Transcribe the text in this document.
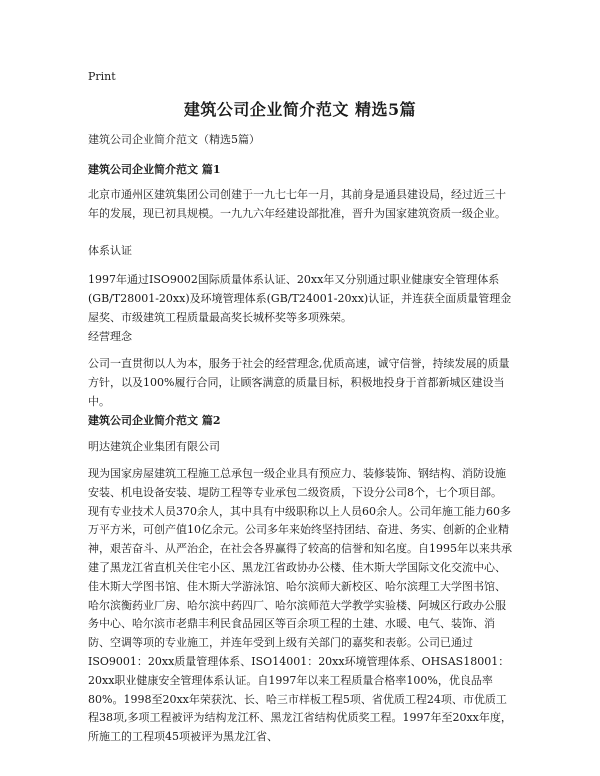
Print
建筑公司企业简介范文 精选5篇
建筑公司企业简介范文（精选5篇）
建筑公司企业简介范文 篇1

北京市通州区建筑集团公司创建于一九七七年一月，其前身是通县建设局，经过近三十年的发展，现已初具规模。一九九六年经建设部批准，晋升为国家建筑资质一级企业。

体系认证

1997年通过ISO9002国际质量体系认证、20xx年又分别通过职业健康安全管理体系(GB/T28001-20xx)及环境管理体系(GB/T24001-20xx)认证，并连获全面质量管理金屋奖、市级建筑工程质量最高奖长城杯奖等多项殊荣。

经营理念

公司一直贯彻以人为本，服务于社会的经营理念,优质高速，诚守信誉，持续发展的质量方针，以及100%履行合同，让顾客满意的质量目标，积极地投身于首都新城区建设当中。

建筑公司企业简介范文 篇2
明达建筑企业集团有限公司

现为国家房屋建筑工程施工总承包一级企业具有预应力、装修装饰、钢结构、消防设施安装、机电设备安装、堤防工程等专业承包二级资质，下设分公司8个，七个项目部。现有专业技术人员370余人，其中具有中级职称以上人员60余人。公司年施工能力60多万平方米，可创产值10亿余元。公司多年来始终坚持团结、奋进、务实、创新的企业精神，艰苦奋斗、从严治企，在社会各界赢得了较高的信誉和知名度。自1995年以来共承建了黑龙江省直机关住宅小区、黑龙江省政协办公楼、佳木斯大学国际文化交流中心、佳木斯大学图书馆、佳木斯大学游泳馆、哈尔滨师大新校区、哈尔滨理工大学图书馆、哈尔滨衡药业厂房、哈尔滨中药四厂、哈尔滨师范大学教学实验楼、阿城区行政办公服务中心、哈尔滨市老鼎丰利民食品园区等百余项工程的土建、水暖、电气、装饰、消防、空调等项的专业施工，并连年受到上级有关部门的嘉奖和表彰。公司已通过ISO9001：20xx质量管理体系、ISO14001：20xx环境管理体系、OHSAS18001：20xx职业健康安全管理体系认证。自1997年以来工程质量合格率100%，优良品率80%。1998至20xx年荣获沈、长、哈三市样板工程5项、省优质工程24项、市优质工程38项,多项工程被评为结构龙江杯、黑龙江省结构优质奖工程。1997年至20xx年度，所施工的工程项45项被评为黑龙江省、
